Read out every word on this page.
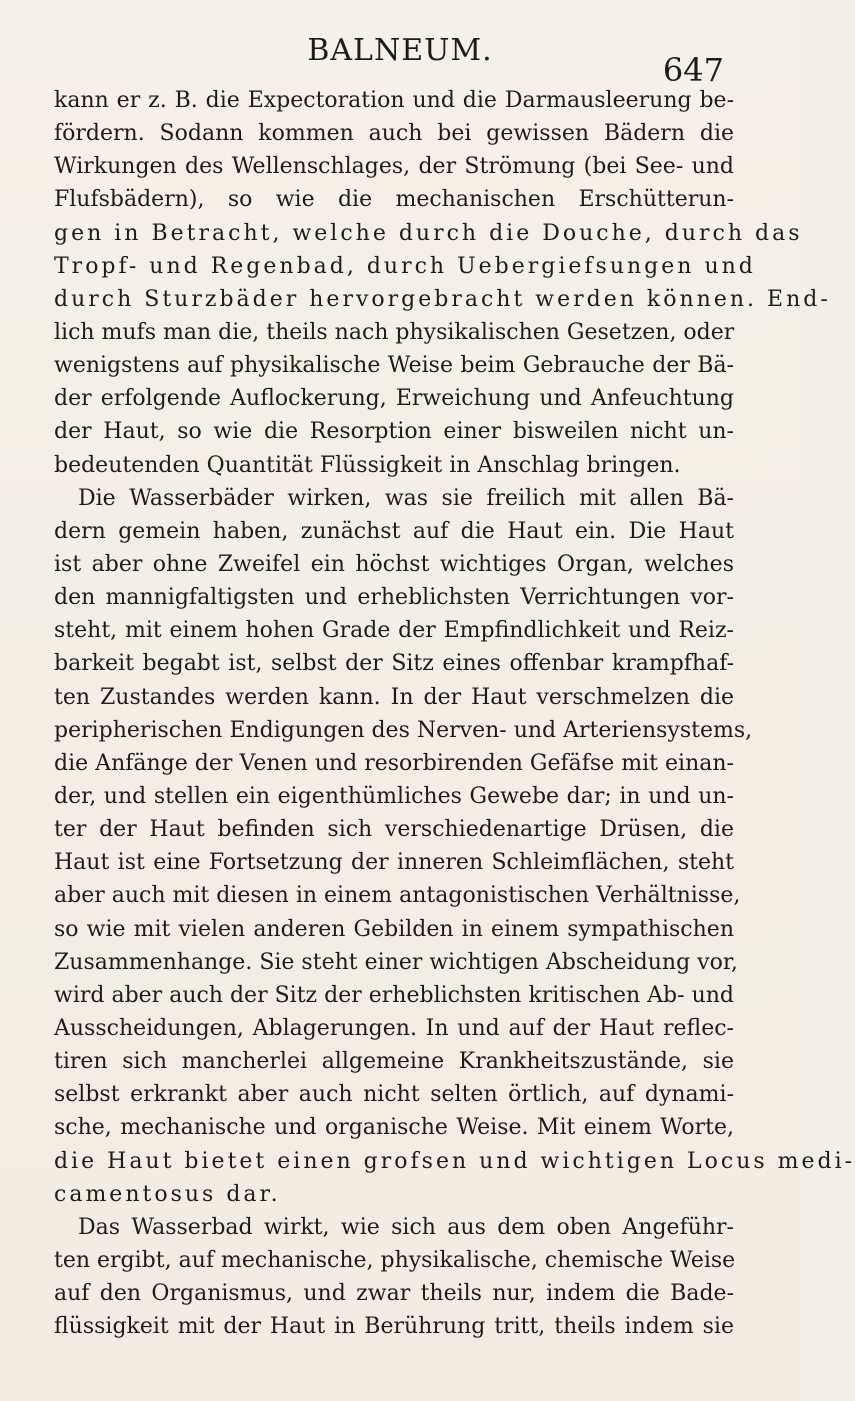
BALNEUM.
647
kann er z. B. die Expectoration und die Darmausleerung be-
fördern. Sodann kommen auch bei gewissen Bädern die
Wirkungen des Wellenschlages, der Strömung (bei See- und
Flufsbädern), so wie die mechanischen Erschütterun-
gen in Betracht, welche durch die Douche, durch das
Tropf- und Regenbad, durch Uebergiefsungen und
durch Sturzbäder hervorgebracht werden können. End-
lich mufs man die, theils nach physikalischen Gesetzen, oder
wenigstens auf physikalische Weise beim Gebrauche der Bä-
der erfolgende Auflockerung, Erweichung und Anfeuchtung
der Haut, so wie die Resorption einer bisweilen nicht un-
bedeutenden Quantität Flüssigkeit in Anschlag bringen.
Die Wasserbäder wirken, was sie freilich mit allen Bä-
dern gemein haben, zunächst auf die Haut ein. Die Haut
ist aber ohne Zweifel ein höchst wichtiges Organ, welches
den mannigfaltigsten und erheblichsten Verrichtungen vor-
steht, mit einem hohen Grade der Empfindlichkeit und Reiz-
barkeit begabt ist, selbst der Sitz eines offenbar krampfhaf-
ten Zustandes werden kann. In der Haut verschmelzen die
peripherischen Endigungen des Nerven- und Arteriensystems,
die Anfänge der Venen und resorbirenden Gefäfse mit einan-
der, und stellen ein eigenthümliches Gewebe dar; in und un-
ter der Haut befinden sich verschiedenartige Drüsen, die
Haut ist eine Fortsetzung der inneren Schleimflächen, steht
aber auch mit diesen in einem antagonistischen Verhältnisse,
so wie mit vielen anderen Gebilden in einem sympathischen
Zusammenhange. Sie steht einer wichtigen Abscheidung vor,
wird aber auch der Sitz der erheblichsten kritischen Ab- und
Ausscheidungen, Ablagerungen. In und auf der Haut reflec-
tiren sich mancherlei allgemeine Krankheitszustände, sie
selbst erkrankt aber auch nicht selten örtlich, auf dynami-
sche, mechanische und organische Weise. Mit einem Worte,
die Haut bietet einen grofsen und wichtigen Locus medi-
camentosus dar.
Das Wasserbad wirkt, wie sich aus dem oben Angeführ-
ten ergibt, auf mechanische, physikalische, chemische Weise
auf den Organismus, und zwar theils nur, indem die Bade-
flüssigkeit mit der Haut in Berührung tritt, theils indem sie
